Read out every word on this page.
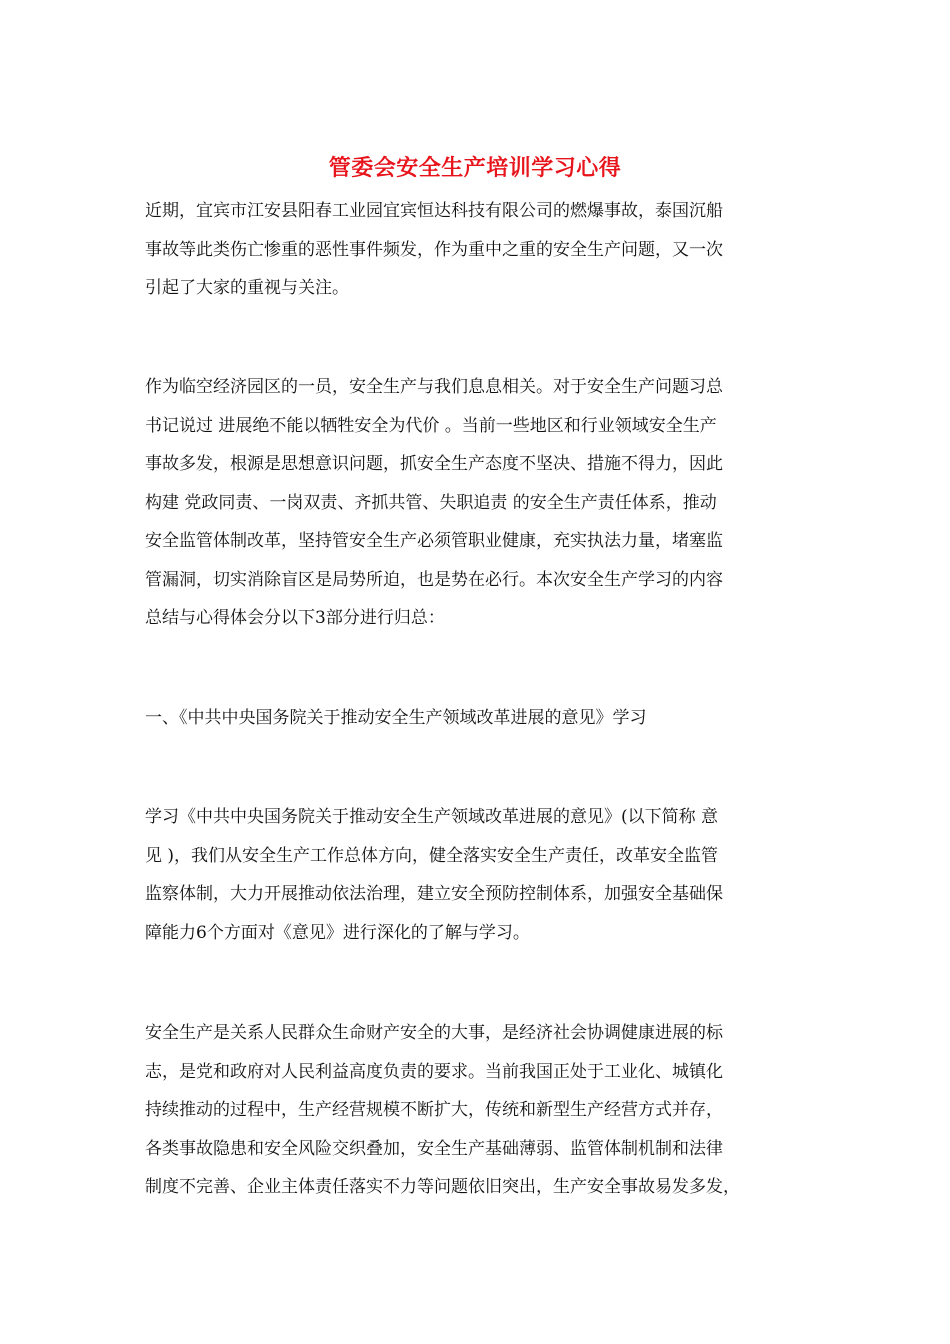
管委会安全生产培训学习心得

近期，宜宾市江安县阳春工业园宜宾恒达科技有限公司的燃爆事故，泰国沉船
事故等此类伤亡惨重的恶性事件频发，作为重中之重的安全生产问题，又一次
引起了大家的重视与关注。

作为临空经济园区的一员，安全生产与我们息息相关。对于安全生产问题习总
书记说过 进展绝不能以牺牲安全为代价 。当前一些地区和行业领域安全生产
事故多发，根源是思想意识问题，抓安全生产态度不坚决、措施不得力，因此
构建 党政同责、一岗双责、齐抓共管、失职追责 的安全生产责任体系，推动
安全监管体制改革，坚持管安全生产必须管职业健康，充实执法力量，堵塞监
管漏洞，切实消除盲区是局势所迫，也是势在必行。本次安全生产学习的内容
总结与心得体会分以下3部分进行归总：

一、《中共中央国务院关于推动安全生产领域改革进展的意见》学习

学习《中共中央国务院关于推动安全生产领域改革进展的意见》(以下简称 意
见 )，我们从安全生产工作总体方向，健全落实安全生产责任，改革安全监管
监察体制，大力开展推动依法治理，建立安全预防控制体系，加强安全基础保
障能力6个方面对《意见》进行深化的了解与学习。

安全生产是关系人民群众生命财产安全的大事，是经济社会协调健康进展的标
志，是党和政府对人民利益高度负责的要求。当前我国正处于工业化、城镇化
持续推动的过程中，生产经营规模不断扩大，传统和新型生产经营方式并存，
各类事故隐患和安全风险交织叠加，安全生产基础薄弱、监管体制机制和法律
制度不完善、企业主体责任落实不力等问题依旧突出，生产安全事故易发多发，
